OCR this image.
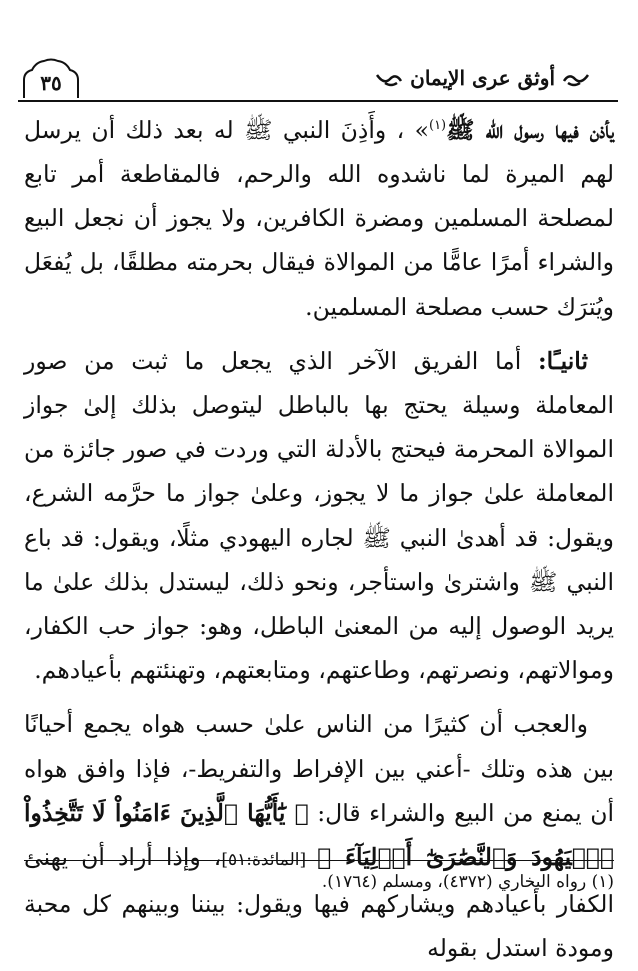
٣٥	أوثق عرى الإيمان

يأذن فيها رسول الله ﷺ$^{(١)}$» ، وأَذِنَ النبي ﷺ له بعد ذلك أن يرسل لهم الميرة لما ناشدوه الله والرحم، فالمقاطعة أمر تابع لمصلحة المسلمين ومضرة الكافرين، ولا يجوز أن نجعل البيع والشراء أمرًا عامًّا من الموالاة فيقال بحرمته مطلقًا، بل يُفعَل ويُترَك حسب مصلحة المسلمين.

ثانيـًا: أما الفريق الآخر الذي يجعل ما ثبت من صور المعاملة وسيلة يحتج بها بالباطل ليتوصل بذلك إلىٰ جواز الموالاة المحرمة فيحتج بالأدلة التي وردت في صور جائزة من المعاملة علىٰ جواز ما لا يجوز، وعلىٰ جواز ما حرَّمه الشرع، ويقول: قد أهدىٰ النبي ﷺ لجاره اليهودي مثلًا، ويقول: قد باع النبي ﷺ واشترىٰ واستأجر، ونحو ذلك، ليستدل بذلك علىٰ ما يريد الوصول إليه من المعنىٰ الباطل، وهو: جواز حب الكفار، وموالاتهم، ونصرتهم، وطاعتهم، ومتابعتهم، وتهنئتهم بأعيادهم.

والعجب أن كثيرًا من الناس علىٰ حسب هواه يجمع أحيانًا بين هذه وتلك -أعني بين الإفراط والتفريط-، فإذا وافق هواه أن يمنع من البيع والشراء قال: ﴿ يَٰٓأَيُّهَا ٱلَّذِينَ ءَامَنُواْ لَا تَتَّخِذُواْ ٱلۡيَهُودَ وَٱلنَّصَٰرَىٰٓ أَوۡلِيَآءَ ﴾ [المائدة:٥١]، وإذا أراد أن يهنئ الكفار بأعيادهم ويشاركهم فيها ويقول: بيننا وبينهم كل محبة ومودة استدل بقوله

(١) رواه البخاري (٤٣٧٢)، ومسلم (١٧٦٤).
